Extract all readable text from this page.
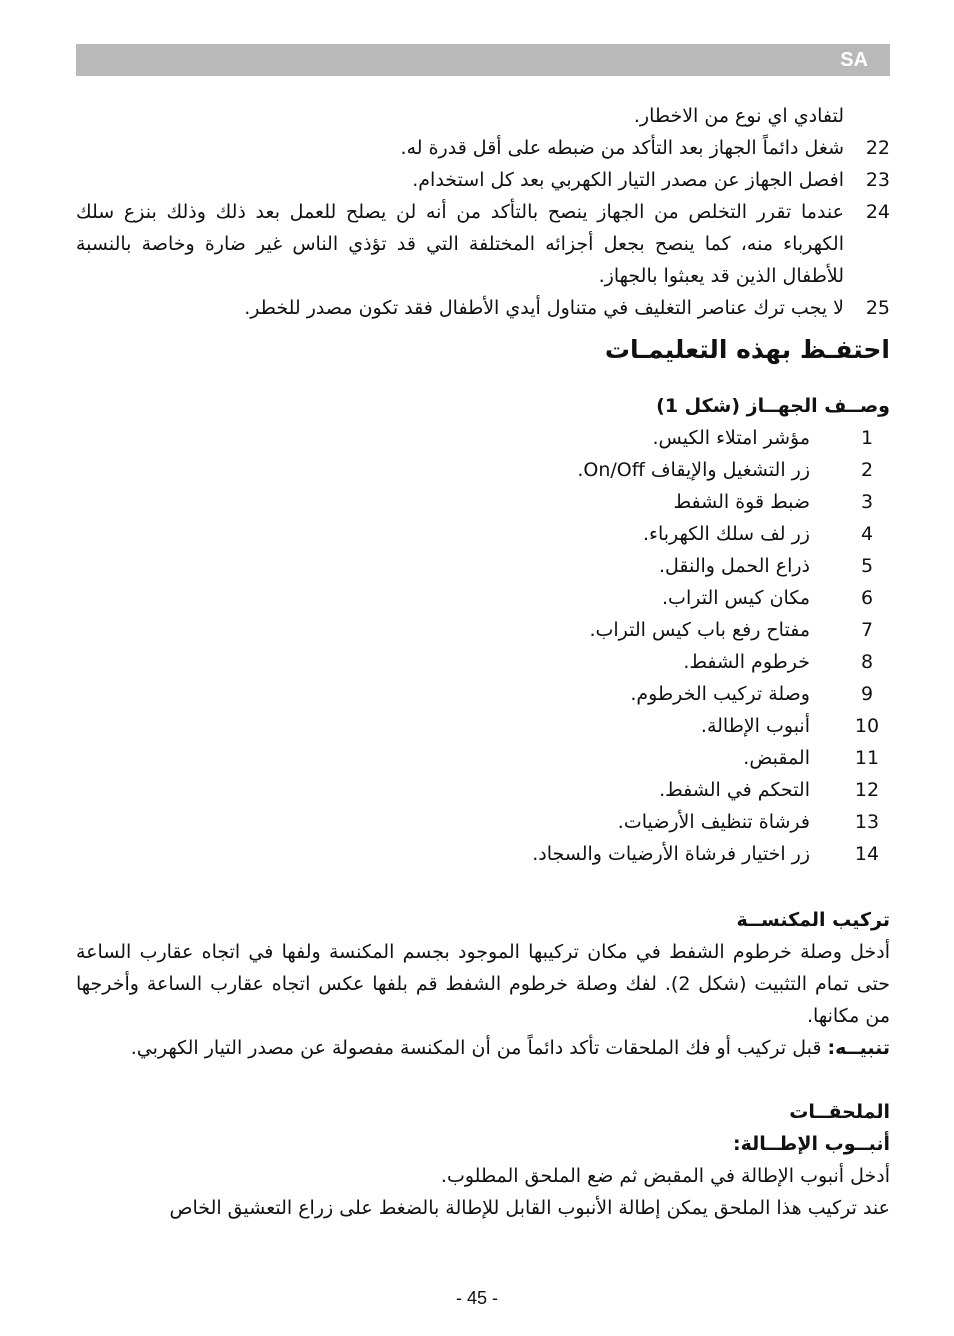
SA
لتفادي اي نوع من الاخطار.
22
شغل دائماً الجهاز بعد التأكد من ضبطه على أقل قدرة له.
23
افصل الجهاز عن مصدر التيار الكهربي بعد كل استخدام.
24
عندما تقرر التخلص من الجهاز ينصح بالتأكد من أنه لن يصلح للعمل بعد ذلك وذلك بنزع سلك الكهرباء منه، كما ينصح بجعل أجزائه المختلفة التي قد تؤذي الناس غير ضارة وخاصة بالنسبة للأطفال الذين قد يعبثوا بالجهاز.
25
لا يجب ترك عناصر التغليف في متناول أيدي الأطفال فقد تكون مصدر للخطر.
احتفـظ بهذه التعليمـات
وصــف الجهــاز (شكل 1)
1
مؤشر امتلاء الكيس.
2
زر التشغيل والإيقاف On/Off.
3
ضبط قوة الشفط
4
زر لف سلك الكهرباء.
5
ذراع الحمل والنقل.
6
مكان كيس التراب.
7
مفتاح رفع باب كيس التراب.
8
خرطوم الشفط.
9
وصلة تركيب الخرطوم.
10
أنبوب الإطالة.
11
المقبض.
12
التحكم في الشفط.
13
فرشاة تنظيف الأرضيات.
14
زر اختيار فرشاة الأرضيات والسجاد.
تركيب المكنســة
أدخل وصلة خرطوم الشفط في مكان تركيبها الموجود بجسم المكنسة ولفها في اتجاه عقارب الساعة حتى تمام التثبيت (شكل 2). لفك وصلة خرطوم الشفط قم بلفها عكس اتجاه عقارب الساعة وأخرجها من مكانها.
تنبيــه: قبل تركيب أو فك الملحقات تأكد دائماً من أن المكنسة مفصولة عن مصدر التيار الكهربي.
الملحقــات
أنبــوب الإطــالة:
أدخل أنبوب الإطالة في المقبض ثم ضع الملحق المطلوب.
عند تركيب هذا الملحق يمكن إطالة الأنبوب القابل للإطالة بالضغط على زراع التعشيق الخاص
- 45 -
